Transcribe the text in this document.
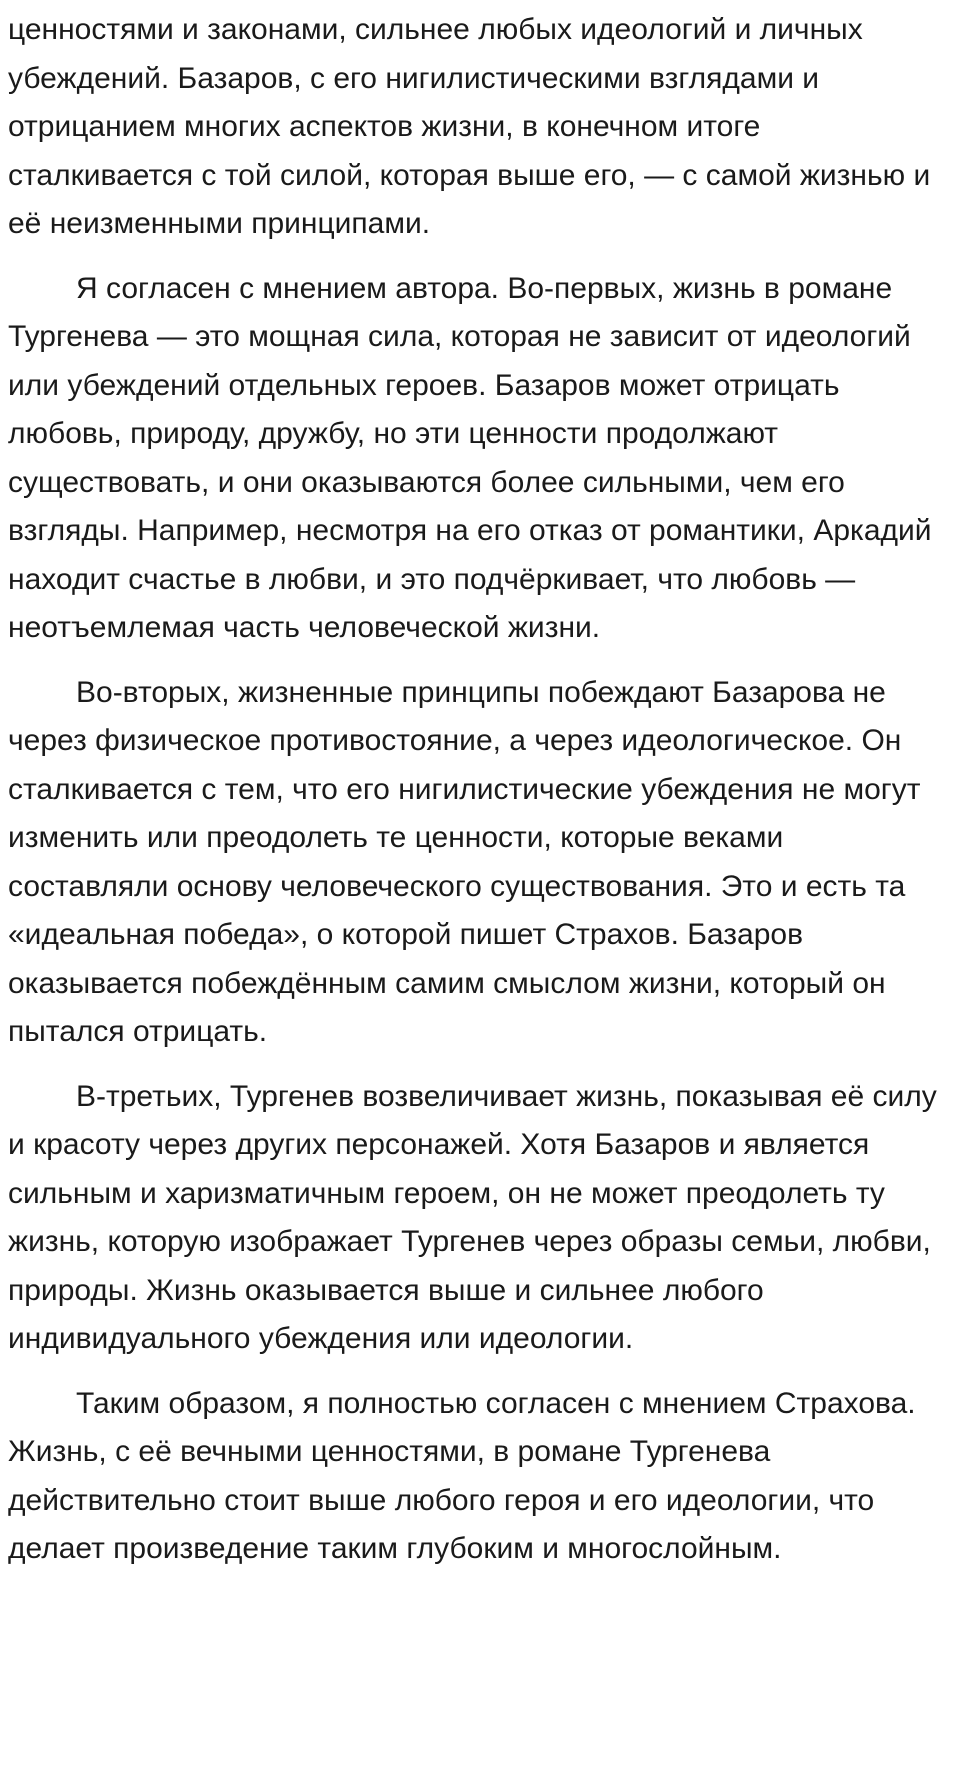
ценностями и законами, сильнее любых идеологий и личных убеждений. Базаров, с его нигилистическими взглядами и отрицанием многих аспектов жизни, в конечном итоге сталкивается с той силой, которая выше его, — с самой жизнью и её неизменными принципами.

Я согласен с мнением автора. Во-первых, жизнь в романе Тургенева — это мощная сила, которая не зависит от идеологий или убеждений отдельных героев. Базаров может отрицать любовь, природу, дружбу, но эти ценности продолжают существовать, и они оказываются более сильными, чем его взгляды. Например, несмотря на его отказ от романтики, Аркадий находит счастье в любви, и это подчёркивает, что любовь — неотъемлемая часть человеческой жизни.

Во-вторых, жизненные принципы побеждают Базарова не через физическое противостояние, а через идеологическое. Он сталкивается с тем, что его нигилистические убеждения не могут изменить или преодолеть те ценности, которые веками составляли основу человеческого существования. Это и есть та «идеальная победа», о которой пишет Страхов. Базаров оказывается побеждённым самим смыслом жизни, который он пытался отрицать.

В-третьих, Тургенев возвеличивает жизнь, показывая её силу и красоту через других персонажей. Хотя Базаров и является сильным и харизматичным героем, он не может преодолеть ту жизнь, которую изображает Тургенев через образы семьи, любви, природы. Жизнь оказывается выше и сильнее любого индивидуального убеждения или идеологии.

Таким образом, я полностью согласен с мнением Страхова. Жизнь, с её вечными ценностями, в романе Тургенева действительно стоит выше любого героя и его идеологии, что делает произведение таким глубоким и многослойным.
